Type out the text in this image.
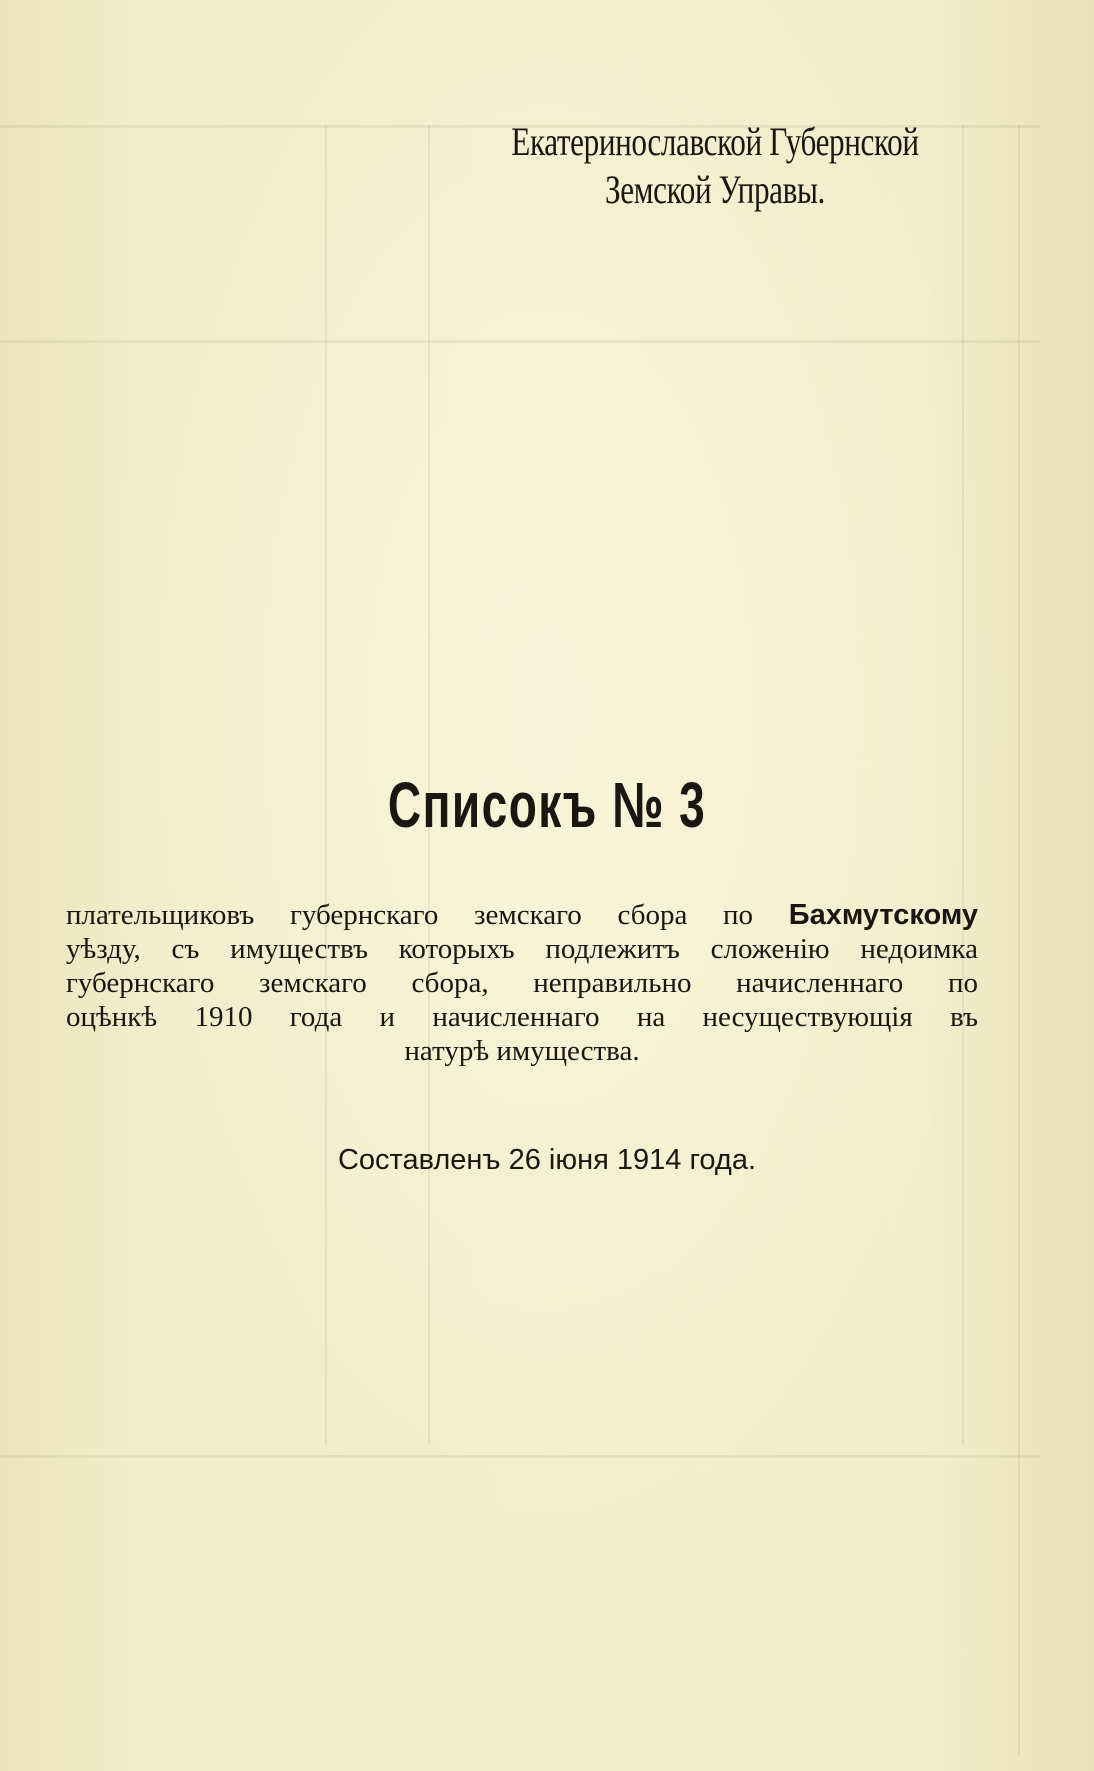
Екатеринославской Губернской
Земской Управы.
Списокъ № 3
плательщиковъ губернскаго земскаго сбора по Бахмутскому
уѣзду, съ имуществъ которыхъ подлежитъ сложенію недоимка
губернскаго земскаго сбора, неправильно начисленнаго по
оцѣнкѣ 1910 года и начисленнаго на несуществующія въ
натурѣ имущества.
Составленъ 26 іюня 1914 года.
